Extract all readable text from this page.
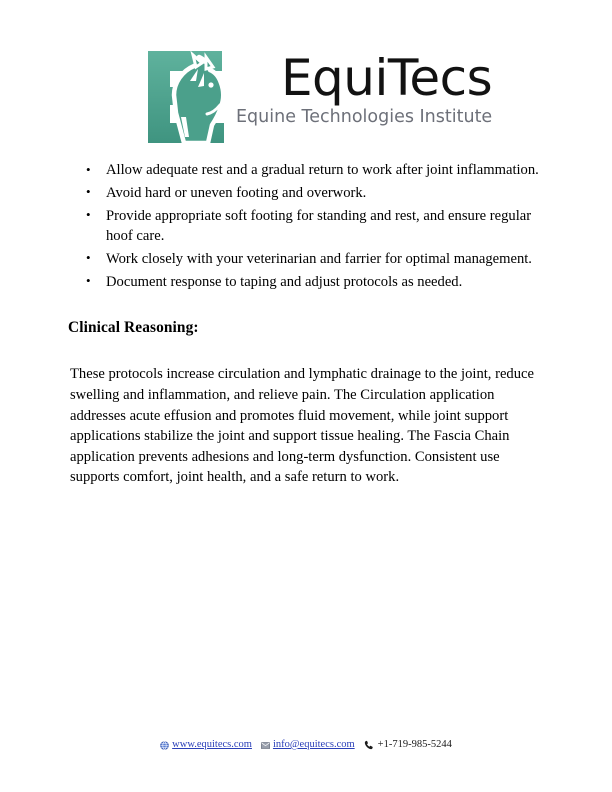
EquiTecs
Equine Technologies Institute
• Allow adequate rest and a gradual return to work after joint inflammation.
• Avoid hard or uneven footing and overwork.
• Provide appropriate soft footing for standing and rest, and ensure regular hoof care.
• Work closely with your veterinarian and farrier for optimal management.
• Document response to taping and adjust protocols as needed.
Clinical Reasoning:

These protocols increase circulation and lymphatic drainage to the joint, reduce swelling and inflammation, and relieve pain. The Circulation application addresses acute effusion and promotes fluid movement, while joint support applications stabilize the joint and support tissue healing. The Fascia Chain application prevents adhesions and long-term dysfunction. Consistent use supports comfort, joint health, and a safe return to work.

www.equitecs.com info@equitecs.com +1-719-985-5244
